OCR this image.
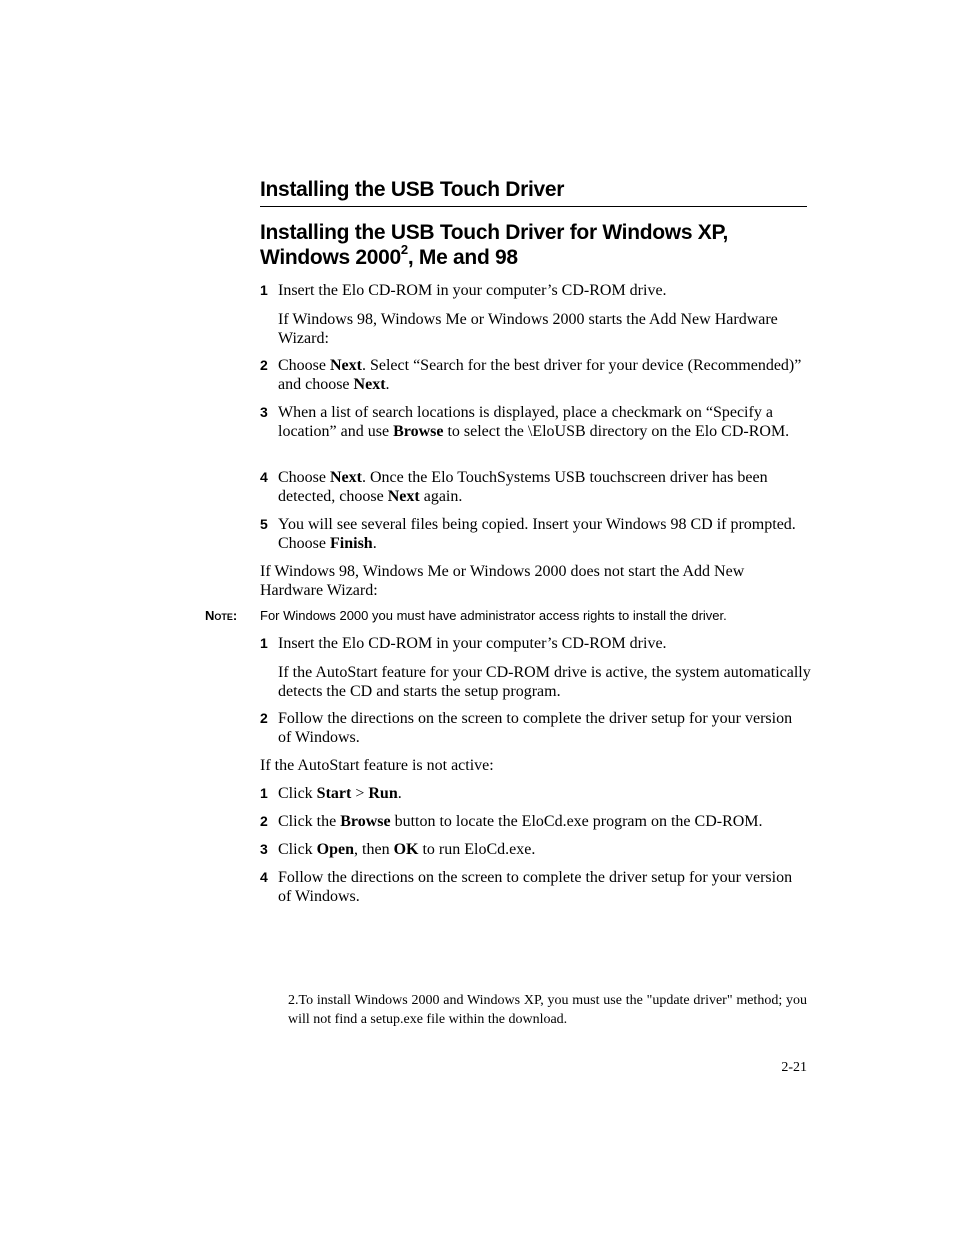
Installing the USB Touch Driver
Installing the USB Touch Driver for Windows XP, Windows 2000$^2$, Me and 98
1 Insert the Elo CD-ROM in your computer’s CD-ROM drive.
If Windows 98, Windows Me or Windows 2000 starts the Add New Hardware Wizard:
2 Choose Next. Select “Search for the best driver for your device (Recommended)” and choose Next.
3 When a list of search locations is displayed, place a checkmark on “Specify a location” and use Browse to select the \EloUSB directory on the Elo CD-ROM.
4 Choose Next. Once the Elo TouchSystems USB touchscreen driver has been detected, choose Next again.
5 You will see several files being copied. Insert your Windows 98 CD if prompted. Choose Finish.
If Windows 98, Windows Me or Windows 2000 does not start the Add New Hardware Wizard:
Note:	For Windows 2000 you must have administrator access rights to install the driver.
1 Insert the Elo CD-ROM in your computer’s CD-ROM drive.
If the AutoStart feature for your CD-ROM drive is active, the system automatically detects the CD and starts the setup program.
2 Follow the directions on the screen to complete the driver setup for your version of Windows.
If the AutoStart feature is not active:
1 Click Start > Run.
2 Click the Browse button to locate the EloCd.exe program on the CD-ROM.
3 Click Open, then OK to run EloCd.exe.
4 Follow the directions on the screen to complete the driver setup for your version of Windows.
2.To install Windows 2000 and Windows XP, you must use the "update driver" method; you will not find a setup.exe file within the download.
2-21
